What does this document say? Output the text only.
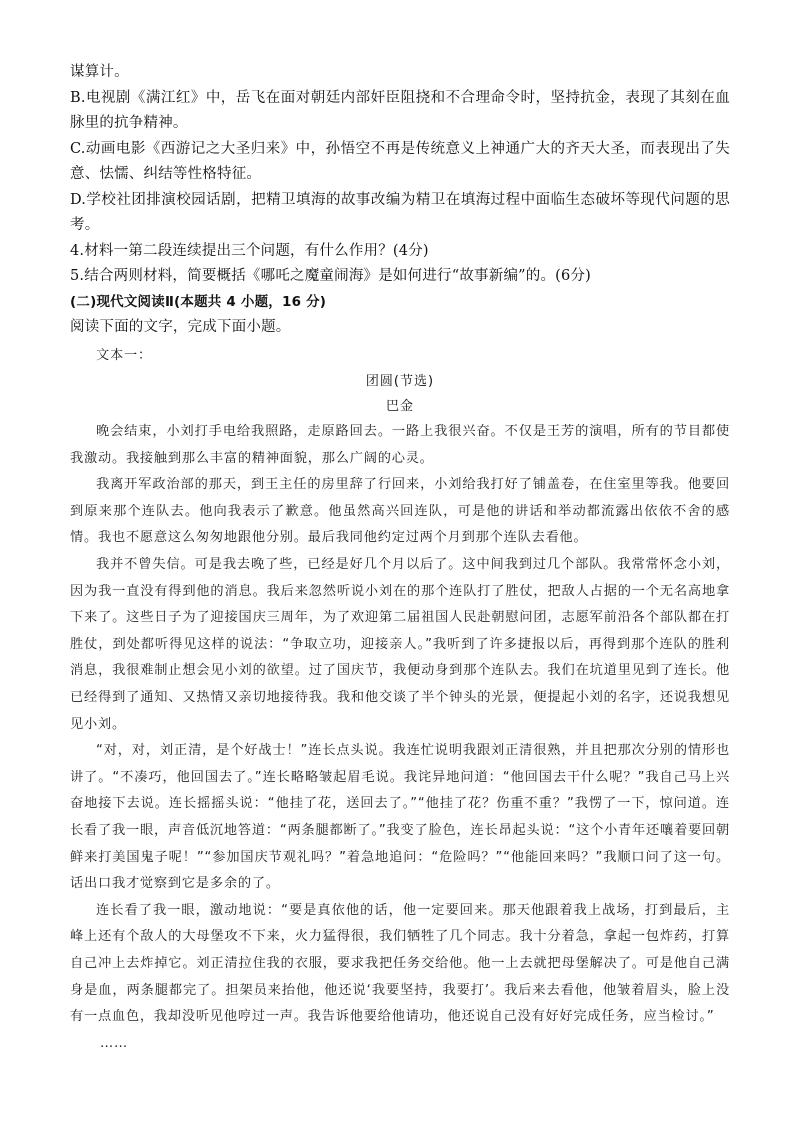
谋算计。

B.电视剧《满江红》中，岳飞在面对朝廷内部奸臣阻挠和不合理命令时，坚持抗金，表现了其刻在血脉里的抗争精神。

C.动画电影《西游记之大圣归来》中，孙悟空不再是传统意义上神通广大的齐天大圣，而表现出了失意、怯懦、纠结等性格特征。

D.学校社团排演校园话剧，把精卫填海的故事改编为精卫在填海过程中面临生态破坏等现代问题的思考。

4.材料一第二段连续提出三个问题，有什么作用？(4分)

5.结合两则材料，简要概括《哪吒之魔童闹海》是如何进行“故事新编”的。(6分)

(二)现代文阅读Ⅱ(本题共 4 小题，16 分)

阅读下面的文字，完成下面小题。

文本一：

团圆(节选)

巴金

晚会结束，小刘打手电给我照路，走原路回去。一路上我很兴奋。不仅是王芳的演唱，所有的节目都使我激动。我接触到那么丰富的精神面貌，那么广阔的心灵。

我离开军政治部的那天，到王主任的房里辞了行回来，小刘给我打好了铺盖卷，在住室里等我。他要回到原来那个连队去。他向我表示了歉意。他虽然高兴回连队，可是他的讲话和举动都流露出依依不舍的感情。我也不愿意这么匆匆地跟他分别。最后我同他约定过两个月到那个连队去看他。

我并不曾失信。可是我去晚了些，已经是好几个月以后了。这中间我到过几个部队。我常常怀念小刘，因为我一直没有得到他的消息。我后来忽然听说小刘在的那个连队打了胜仗，把敌人占据的一个无名高地拿下来了。这些日子为了迎接国庆三周年，为了欢迎第二届祖国人民赴朝慰问团，志愿军前沿各个部队都在打胜仗，到处都听得见这样的说法：“争取立功，迎接亲人。”我听到了许多捷报以后，再得到那个连队的胜利消息，我很难制止想会见小刘的欲望。过了国庆节，我便动身到那个连队去。我们在坑道里见到了连长。他已经得到了通知、又热情又亲切地接待我。我和他交谈了半个钟头的光景，便提起小刘的名字，还说我想见见小刘。

“对，对，刘正清，是个好战士！”连长点头说。我连忙说明我跟刘正清很熟，并且把那次分别的情形也讲了。“不凑巧，他回国去了。”连长略略皱起眉毛说。我诧异地问道：“他回国去干什么呢？”我自己马上兴奋地接下去说。连长摇摇头说：“他挂了花，送回去了。”“他挂了花？伤重不重？”我愣了一下，惊问道。连长看了我一眼，声音低沉地答道：“两条腿都断了。”我变了脸色，连长昂起头说：“这个小青年还嚷着要回朝鲜来打美国鬼子呢！”“参加国庆节观礼吗？”着急地追问：“危险吗？”“他能回来吗？”我顺口问了这一句。话出口我才觉察到它是多余的了。

连长看了我一眼，激动地说：“要是真依他的话，他一定要回来。那天他跟着我上战场，打到最后，主峰上还有个敌人的大母堡攻不下来，火力猛得很，我们牺牲了几个同志。我十分着急，拿起一包炸药，打算自己冲上去炸掉它。刘正清拉住我的衣服，要求我把任务交给他。他一上去就把母堡解决了。可是他自己满身是血，两条腿都完了。担架员来抬他，他还说‘我要坚持，我要打’。我后来去看他，他皱着眉头，脸上没有一点血色，我却没听见他哼过一声。我告诉他要给他请功，他还说自己没有好好完成任务，应当检讨。”

……
